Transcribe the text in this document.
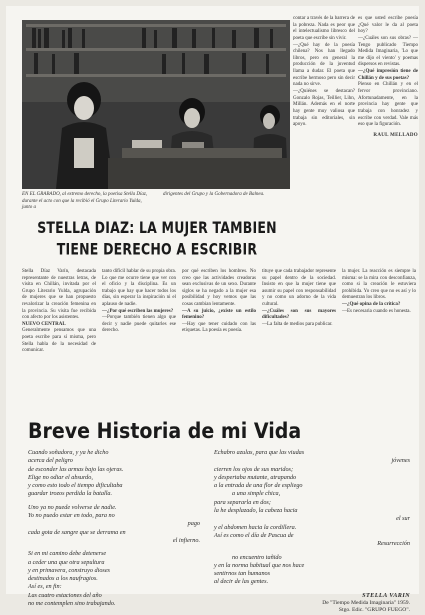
EN EL GRABADO, al extremo derecho, la poetisa Stella Díaz, durante el acto con que la recibió el Grupo Literario Yulda, junto a
dirigentes del Grupo y la Gobernadora de Balnea.

contar a través de la barrera de la pobreza. Nada es peor que el intelectualismo libresco del poeta que escribe sin vivir.

—¿Qué hay de la poesía chilena? Nos han llegado libros, pero en general la producción de la juventud llama a dudar. El poeta que escribe hermoso pero sin decir nada no sirve.

—¿Quiénes se destacan? Gonzalo Rojas, Teillier, Lihn, Millán. Además en el norte hay gente muy valiosa que trabaja sin editoriales, sin apoyo.

es que usted escribe poesía ¿Qué valor le da al poeta hoy?

—¿Cuáles son sus obras? —Tengo publicado Tiempo Medida Imaginaria, 'Lo que me dijo el viento' y poemas dispersos en revistas.

—¿Qué impresión tiene de Chillán y de sus poetas?

Pienso en Chillán y en el fervor provinciano. Afortunadamente, en la provincia hay gente que trabaja con honradez y escribe con verdad. Vale más eso que la figuración.

RAUL MELLADO

STELLA DIAZ: LA MUJER TAMBIEN
TIENE DERECHO A ESCRIBIR

Stella Díaz Varín, destacada representante de nuestras letras, de visita en Chillán, invitada por el Grupo Literario Yulda, agrupación de mujeres que se han propuesto revalorizar la creación femenina en la provincia. Su visita fue recibida con afecto por los asistentes.

NUEVO CENTRAL

Generalmente pensamos que una poeta escribe para sí misma, pero Stella habla de la necesidad de comunicar.

tanto difícil hablar de su propia obra. Lo que me ocurre tiene que ver con el oficio y la disciplina. Es un trabajo que hay que hacer todos los días, sin esperar la inspiración ni el aplauso de nadie.

—¿Por qué escriben las mujeres?

—Porque también tienen algo que decir y nadie puede quitarles ese derecho.

por qué escriben los hombres. No creo que las actividades creadoras sean exclusivas de un sexo. Durante siglos se ha negado a la mujer esa posibilidad y hoy vemos que las cosas cambian lentamente.

—A su juicio, ¿existe un estilo femenino?

—Hay que tener cuidado con las etiquetas. La poesía es poesía.

tituye que cada trabajador represente su papel dentro de la sociedad. Insisto en que la mujer tiene que asumir su papel con responsabilidad y no como un adorno de la vida cultural.

—¿Cuáles son sus mayores dificultades?

—La falta de medios para publicar.

la mujer. La reacción es siempre la misma: se la mira con desconfianza, como si la creación le estuviera prohibida. Yo creo que no es así y lo demuestran los libros.

—¿Qué opina de la crítica?

—Es necesaria cuando es honesta.

Breve Historia de mi Vida
Cuando soñadora, y ya he dicho
acerca del peligro
de esconder las armas bajo las ojeras.
Elige no odiar el absurdo,
y como esto todo el tiempo dificultaba
guardar trozos perdida la batalla.
Uno ya no puede volverse de nadie.
Yo no puedo estar en todo, para no
pago
cada gota de sangre que se derrama en
el infierno.
Si en mi camino debe detenerse
a ceder una que otra sepultura
y en primavera, construyo dioses
destinados a los naufragios.
Así es, en fin:
Las cuatro estaciones del año
no me contemplen sino trabajando.
Echabro azulas, para que las viudas
jóvenes
cierren los ojos de sus maridos;
y despertaba mutante, atrapando
a la entrada de una flor de espliego
a una simple chica,
para separarla en dos;
la he desplazado, la cabeza hacia
el sur
y el abdomen hacia la cordillera.
Así es como el día de Pascua de
Resurrección
no encuentro tañido
y en la norma habitual que nos hace
sentirnos tan humanos
al decir de las gentes.
STELLA VARIN
De "Tiempo Medida Imaginaria" 1959.
Stgo. Edic. "GRUPO FUEGO".
